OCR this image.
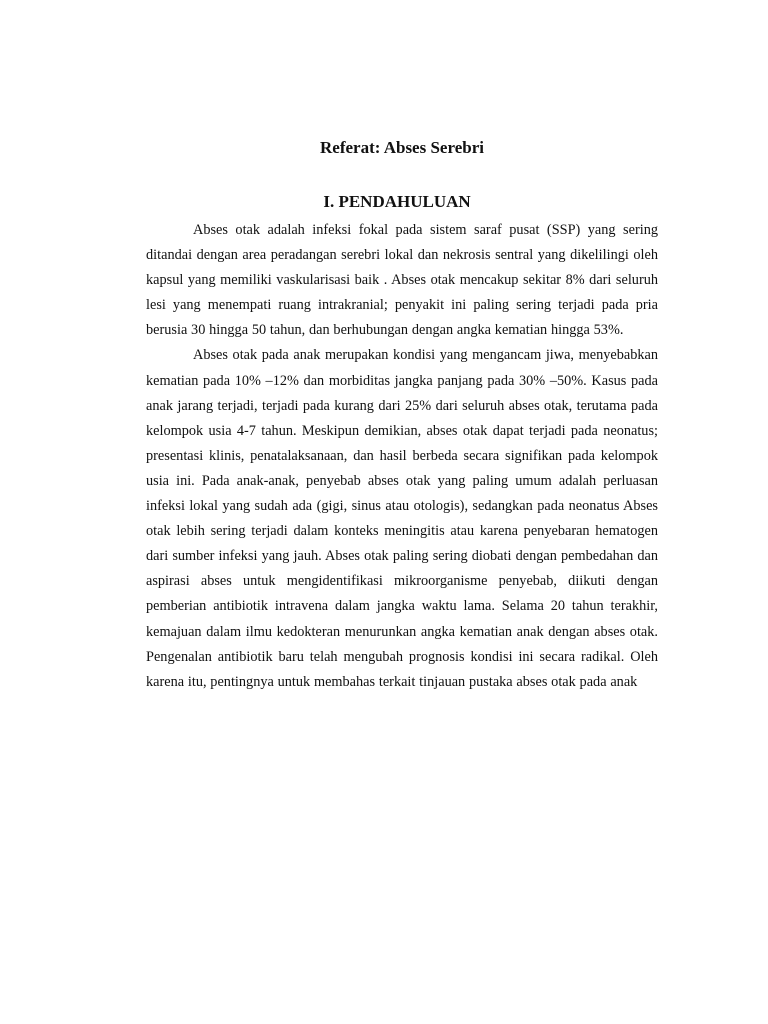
Referat: Abses Serebri
I. PENDAHULUAN

Abses otak adalah infeksi fokal pada sistem saraf pusat (SSP) yang sering ditandai dengan area peradangan serebri lokal dan nekrosis sentral yang dikelilingi oleh kapsul yang memiliki vaskularisasi baik . Abses otak mencakup sekitar 8% dari seluruh lesi yang menempati ruang intrakranial; penyakit ini paling sering terjadi pada pria berusia 30 hingga 50 tahun, dan berhubungan dengan angka kematian hingga 53%.

Abses otak pada anak merupakan kondisi yang mengancam jiwa, menyebabkan kematian pada 10% –12% dan morbiditas jangka panjang pada 30% –50%. Kasus pada anak jarang terjadi, terjadi pada kurang dari 25% dari seluruh abses otak, terutama pada kelompok usia 4-7 tahun. Meskipun demikian, abses otak dapat terjadi pada neonatus; presentasi klinis, penatalaksanaan, dan hasil berbeda secara signifikan pada kelompok usia ini. Pada anak-anak, penyebab abses otak yang paling umum adalah perluasan infeksi lokal yang sudah ada (gigi, sinus atau otologis), sedangkan pada neonatus Abses otak lebih sering terjadi dalam konteks meningitis atau karena penyebaran hematogen dari sumber infeksi yang jauh. Abses otak paling sering diobati dengan pembedahan dan aspirasi abses untuk mengidentifikasi mikroorganisme penyebab, diikuti dengan pemberian antibiotik intravena dalam jangka waktu lama. Selama 20 tahun terakhir, kemajuan dalam ilmu kedokteran menurunkan angka kematian anak dengan abses otak. Pengenalan antibiotik baru telah mengubah prognosis kondisi ini secara radikal. Oleh karena itu, pentingnya untuk membahas terkait tinjauan pustaka abses otak pada anak
